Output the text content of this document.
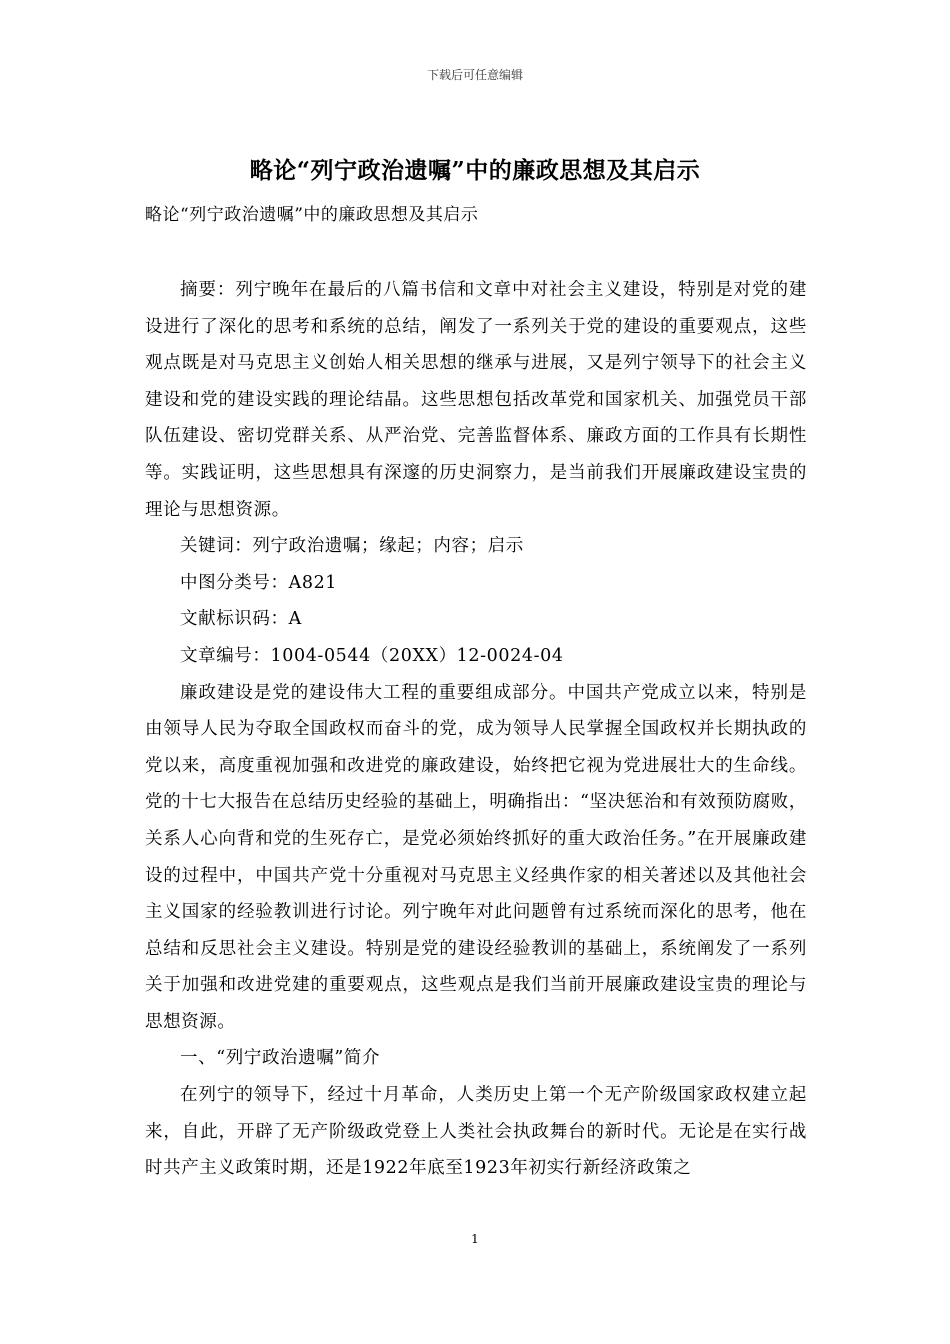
下载后可任意编辑
略论“列宁政治遗嘱”中的廉政思想及其启示
略论“列宁政治遗嘱”中的廉政思想及其启示

摘要：列宁晚年在最后的八篇书信和文章中对社会主义建设，特别是对党的建设进行了深化的思考和系统的总结，阐发了一系列关于党的建设的重要观点，这些观点既是对马克思主义创始人相关思想的继承与进展，又是列宁领导下的社会主义建设和党的建设实践的理论结晶。这些思想包括改革党和国家机关、加强党员干部队伍建设、密切党群关系、从严治党、完善监督体系、廉政方面的工作具有长期性等。实践证明，这些思想具有深邃的历史洞察力，是当前我们开展廉政建设宝贵的理论与思想资源。

关键词：列宁政治遗嘱；缘起；内容；启示

中图分类号：A821

文献标识码：A

文章编号：1004-0544（20XX）12-0024-04

廉政建设是党的建设伟大工程的重要组成部分。中国共产党成立以来，特别是由领导人民为夺取全国政权而奋斗的党，成为领导人民掌握全国政权并长期执政的党以来，高度重视加强和改进党的廉政建设，始终把它视为党进展壮大的生命线。党的十七大报告在总结历史经验的基础上，明确指出：“坚决惩治和有效预防腐败，关系人心向背和党的生死存亡，是党必须始终抓好的重大政治任务。”在开展廉政建设的过程中，中国共产党十分重视对马克思主义经典作家的相关著述以及其他社会主义国家的经验教训进行讨论。列宁晚年对此问题曾有过系统而深化的思考，他在总结和反思社会主义建设。特别是党的建设经验教训的基础上，系统阐发了一系列关于加强和改进党建的重要观点，这些观点是我们当前开展廉政建设宝贵的理论与思想资源。

一、“列宁政治遗嘱”简介

在列宁的领导下，经过十月革命，人类历史上第一个无产阶级国家政权建立起来，自此，开辟了无产阶级政党登上人类社会执政舞台的新时代。无论是在实行战时共产主义政策时期，还是1922年底至1923年初实行新经济政策之

1
